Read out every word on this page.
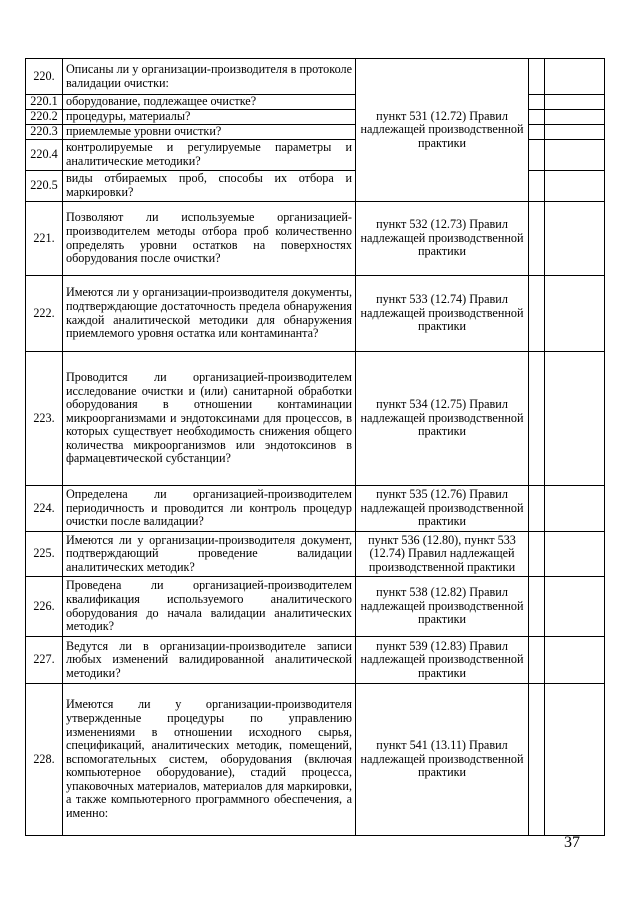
220.	Описаны ли у организации-производителя в протоколе валидации очистки:	пункт 531 (12.72) Правил надлежащей производственной практики		
220.1	оборудование, подлежащее очистке?			
220.2	процедуры, материалы?			
220.3	приемлемые уровни очистки?			
220.4	контролируемые и регулируемые параметры и аналитические методики?			
220.5	виды отбираемых проб, способы их отбора и маркировки?			
221.	Позволяют ли используемые организацией-производителем методы отбора проб количественно определять уровни остатков на поверхностях оборудования после очистки?	пункт 532 (12.73) Правил надлежащей производственной практики		
222.	Имеются ли у организации-производителя документы, подтверждающие достаточность предела обнаружения каждой аналитической методики для обнаружения приемлемого уровня остатка или контаминанта?	пункт 533 (12.74) Правил надлежащей производственной практики		
223.	Проводится ли организацией-производителем исследование очистки и (или) санитарной обработки оборудования в отношении контаминации микроорганизмами и эндотоксинами для процессов, в которых существует необходимость снижения общего количества микроорганизмов или эндотоксинов в фармацевтической субстанции?	пункт 534 (12.75) Правил надлежащей производственной практики		
224.	Определена ли организацией-производителем периодичность и проводится ли контроль процедур очистки после валидации?	пункт 535 (12.76) Правил надлежащей производственной практики		
225.	Имеются ли у организации-производителя документ, подтверждающий проведение валидации аналитических методик?	пункт 536 (12.80), пункт 533 (12.74) Правил надлежащей производственной практики		
226.	Проведена ли организацией-производителем квалификация используемого аналитического оборудования до начала валидации аналитических методик?	пункт 538 (12.82) Правил надлежащей производственной практики		
227.	Ведутся ли в организации-производителе записи любых изменений валидированной аналитической методики?	пункт 539 (12.83) Правил надлежащей производственной практики		
228.	Имеются ли у организации-производителя утвержденные процедуры по управлению изменениями в отношении исходного сырья, спецификаций, аналитических методик, помещений, вспомогательных систем, оборудования (включая компьютерное оборудование), стадий процесса, упаковочных материалов, материалов для маркировки, а также компьютерного программного обеспечения, а именно:	пункт 541 (13.11) Правил надлежащей производственной практики		
37
